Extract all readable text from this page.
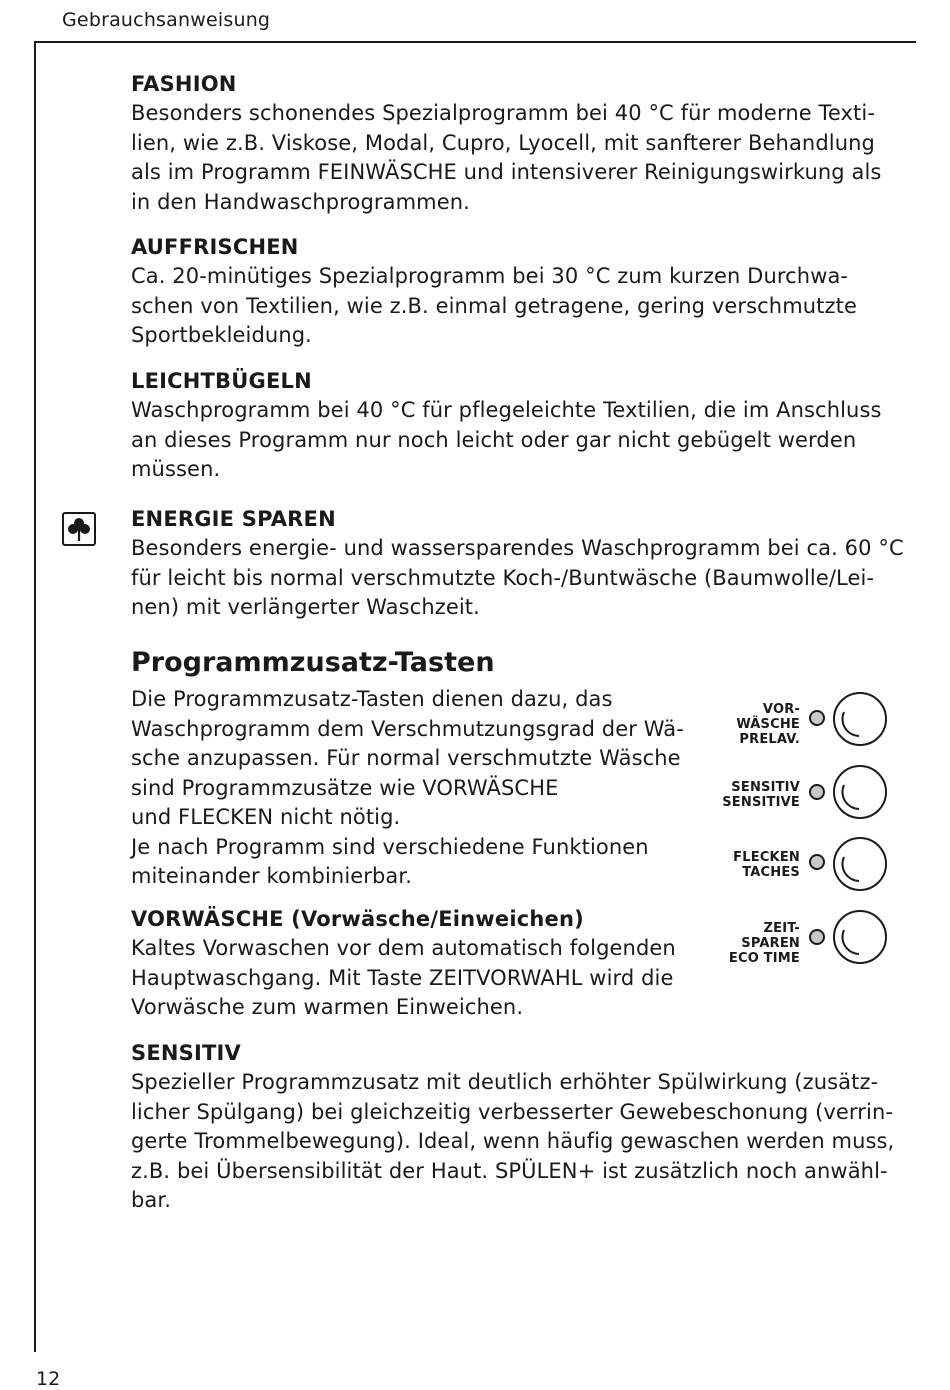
Gebrauchsanweisung
FASHION
Besonders schonendes Spezialprogramm bei 40 °C für moderne Texti-
lien, wie z.B. Viskose, Modal, Cupro, Lyocell, mit sanfterer Behandlung
als im Programm FEINWÄSCHE und intensiverer Reinigungswirkung als
in den Handwaschprogrammen.
AUFFRISCHEN
Ca. 20-minütiges Spezialprogramm bei 30 °C zum kurzen Durchwa-
schen von Textilien, wie z.B. einmal getragene, gering verschmutzte
Sportbekleidung.
LEICHTBÜGELN
Waschprogramm bei 40 °C für pflegeleichte Textilien, die im Anschluss
an dieses Programm nur noch leicht oder gar nicht gebügelt werden
müssen.
ENERGIE SPAREN
Besonders energie- und wassersparendes Waschprogramm bei ca. 60 °C
für leicht bis normal verschmutzte Koch-/Buntwäsche (Baumwolle/Lei-
nen) mit verlängerter Waschzeit.
Programmzusatz-Tasten
Die Programmzusatz-Tasten dienen dazu, das
Waschprogramm dem Verschmutzungsgrad der Wä-
sche anzupassen. Für normal verschmutzte Wäsche
sind Programmzusätze wie VORWÄSCHE
und FLECKEN nicht nötig.
Je nach Programm sind verschiedene Funktionen
miteinander kombinierbar.
VORWÄSCHE (Vorwäsche/Einweichen)
Kaltes Vorwaschen vor dem automatisch folgenden
Hauptwaschgang. Mit Taste ZEITVORWAHL wird die
Vorwäsche zum warmen Einweichen.
SENSITIV
Spezieller Programmzusatz mit deutlich erhöhter Spülwirkung (zusätz-
licher Spülgang) bei gleichzeitig verbesserter Gewebeschonung (verrin-
gerte Trommelbewegung). Ideal, wenn häufig gewaschen werden muss,
z.B. bei Übersensibilität der Haut. SPÜLEN+ ist zusätzlich noch anwähl-
bar.
VOR-
WÄSCHE
PRELAV.
SENSITIV
SENSITIVE
FLECKEN
TACHES
ZEIT-
SPAREN
ECO TIME
12
